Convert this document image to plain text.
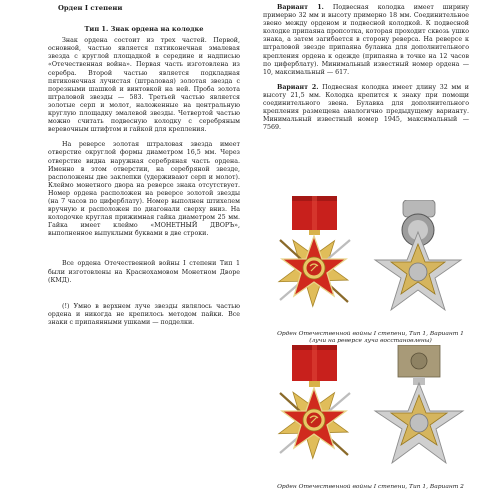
Орден I степени
Тип 1. Знак ордена на колодке

Знак ордена состоит из трех частей. Первой, основной, частью является пятиконечная эмалевая звезда с круглой площадкой в середине и надписью «Отечественная война». Первая часть изготовлена из серебра. Второй частью является подкладная пятиконечная лучистая (штраловая) золотая звезда с порезными шашкой и винтовкой на ней. Проба золота штраловой звезды — 583. Третьей частью является золотые серп и молот, наложенные на центральную круглую площадку эмалевой звезды. Четвертой частью можно считать подвесную колодку с серебряным веревочным штифтом и гайкой для крепления.

На реверсе золотая штраловая звезда имеет отверстие округлой формы диаметром 16,5 мм. Через отверстие видна наружная серебряная часть ордена. Именно в этом отверстии, на серебряной звезде, расположены две заклепки (удерживают серп и молот). Клеймо монетного двора на реверсе знака отсутствует. Номер ордена расположен на реверсе золотой звезды (на 7 часов по циферблату). Номер выполнен штихелем вручную и расположен по диагонали сверху вниз. На колодочке круглая прижимная гайка диаметром 25 мм. Гайка имеет клеймо «МОНЕТНЫЙ ДВОРЪ», выполненное выпуклыми буквами в две строки.

Все ордена Отечественной войны I степени Тип 1 были изготовлены на Краснохамовом Монетном Дворе (КМД).

(!) Умно в верхнем луче звезды являлось частью ордена и никогда не крепилось методом пайки. Все знаки с припаянными ушками — подделки.

Вариант 1. Подвесная колодка имеет ширину примерно 32 мм и высоту примерно 18 мм. Соединительное звено между орденом и подвесной колодкой. К подвесной колодке припаяна пропсотка, которая проходит сквозь ушко знака, а затем загибается в сторону реверса. На реверсе к штраловой звезде припаяна булавка для дополнительного крепления ордена к одежде (припаяна в точке на 12 часов по циферблату). Минимальный известный номер ордена — 10, максимальный — 617.

Вариант 2. Подвесная колодка имеет длину 32 мм и высоту 21,5 мм. Колодка крепится к знаку при помощи соединительного звена. Булавка для дополнительного крепления размещена аналогично предыдущему варианту. Минимальный известный номер 1945, максимальный — 7569.

Орден Отечественной войны I степени, Тип 1, Вариант 1
(лучи на реверсе луча восстановлены)
Орден Отечественной войны I степени, Тип 1, Вариант 2
